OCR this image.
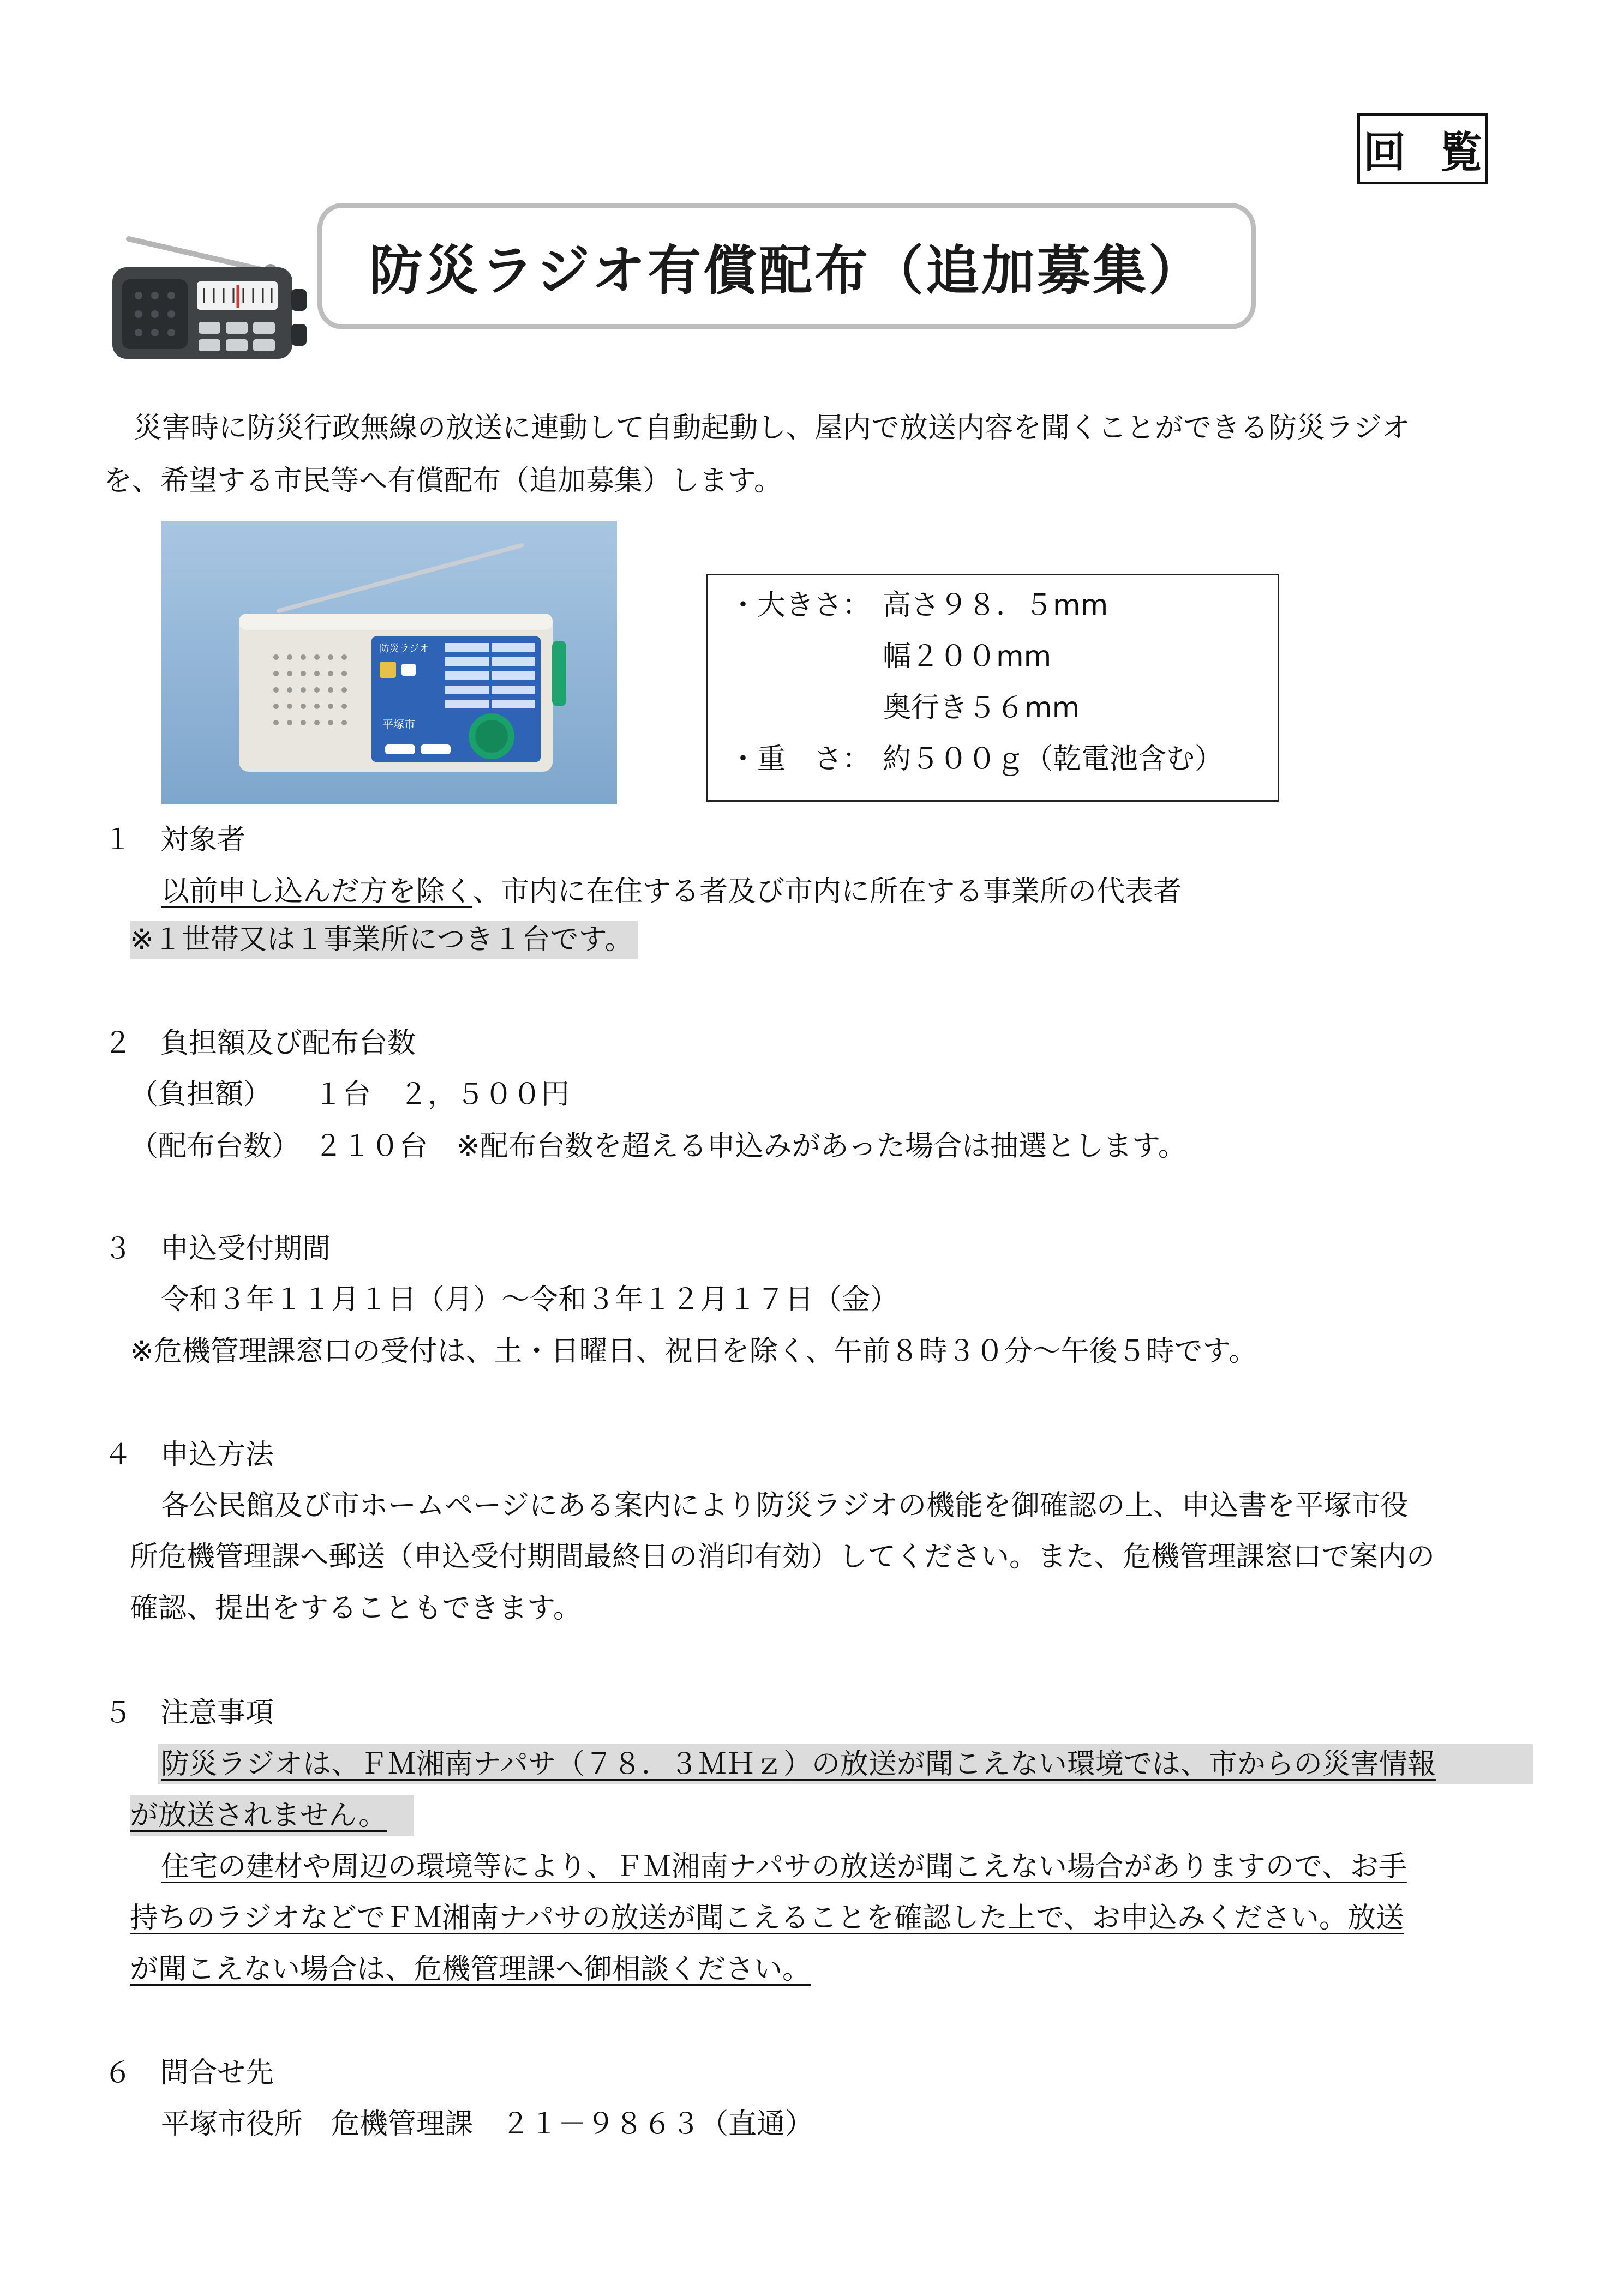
回覧
防災ラジオ有償配布（追加募集）
災害時に防災行政無線の放送に連動して自動起動し、屋内で放送内容を聞くことができる防災ラジオ
を、希望する市民等へ有償配布（追加募集）します。
防災ラジオ
平塚市
・大きさ： 高さ９８．５mm
幅２００mm
奥行き５６mm
・重　さ： 約５００ｇ（乾電池含む）
１　対象者
以前申し込んだ方を除く、市内に在住する者及び市内に所在する事業所の代表者
※１世帯又は１事業所につき１台です。
２　負担額及び配布台数
（負担額）　　１台　２，５００円
（配布台数）　２１０台　※配布台数を超える申込みがあった場合は抽選とします。
３　申込受付期間
令和３年１１月１日（月）～令和３年１２月１７日（金）
※危機管理課窓口の受付は、土・日曜日、祝日を除く、午前８時３０分～午後５時です。
４　申込方法
各公民館及び市ホームページにある案内により防災ラジオの機能を御確認の上、申込書を平塚市役
所危機管理課へ郵送（申込受付期間最終日の消印有効）してください。また、危機管理課窓口で案内の
確認、提出をすることもできます。
５　注意事項
防災ラジオは、ＦＭ湘南ナパサ（７８．３ＭＨｚ）の放送が聞こえない環境では、市からの災害情報
が放送されません。
住宅の建材や周辺の環境等により、ＦＭ湘南ナパサの放送が聞こえない場合がありますので、お手
持ちのラジオなどでＦＭ湘南ナパサの放送が聞こえることを確認した上で、お申込みください。放送
が聞こえない場合は、危機管理課へ御相談ください。
６　問合せ先
平塚市役所　危機管理課　２１－９８６３（直通）
